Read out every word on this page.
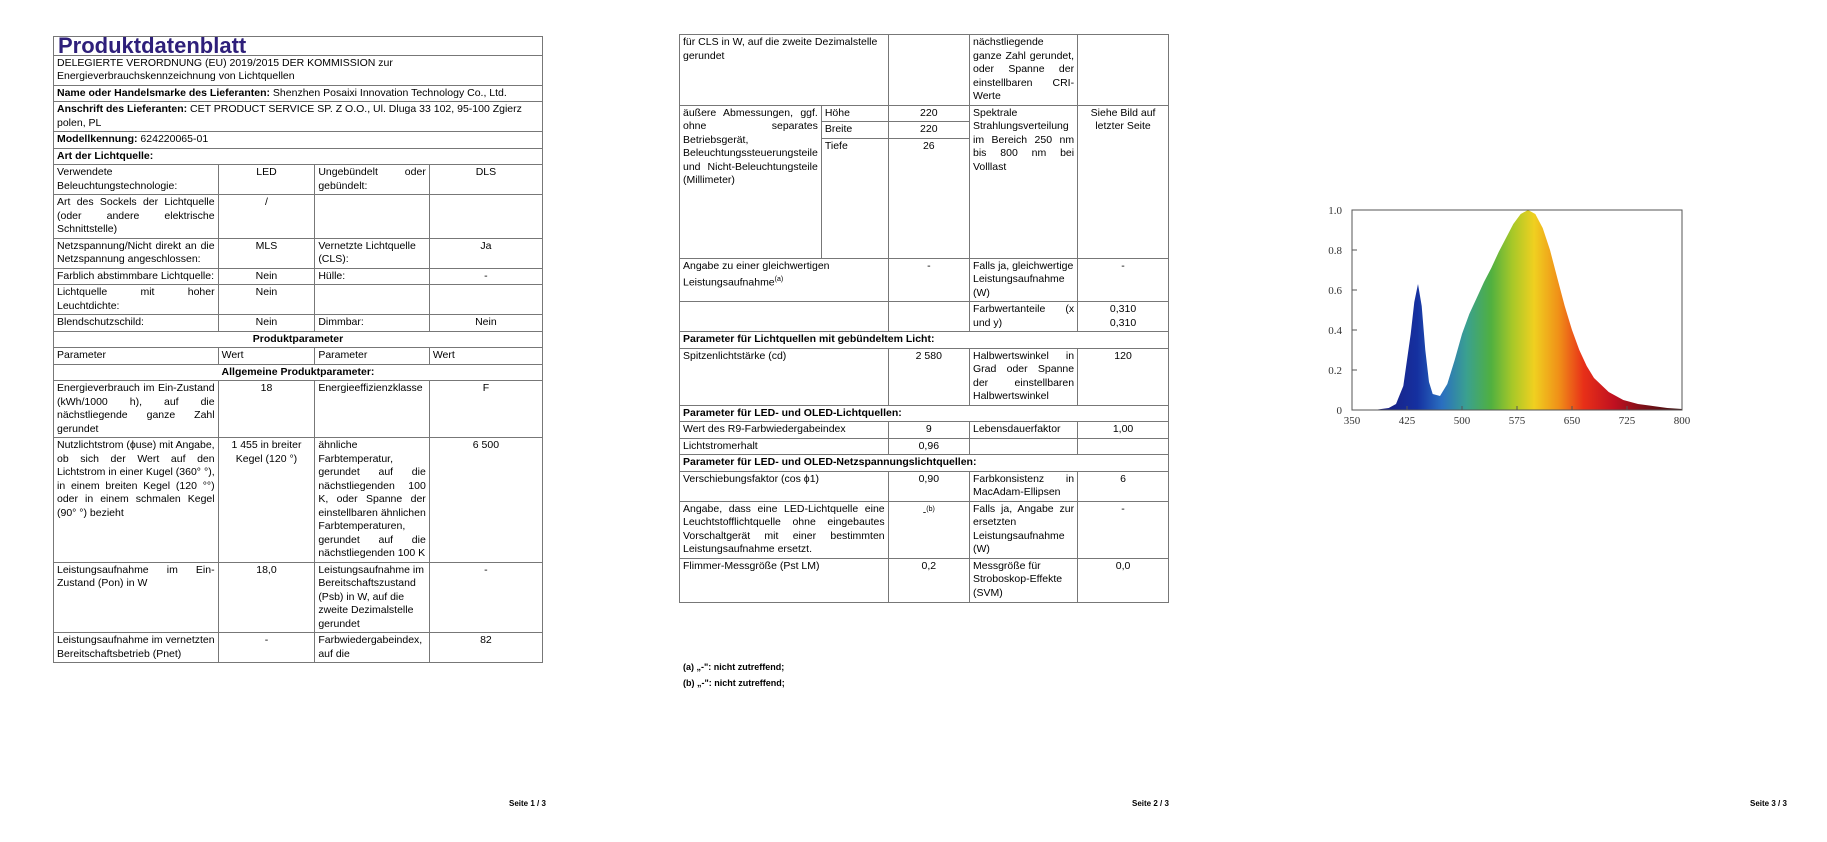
Produktdatenblatt			
DELEGIERTE VERORDNUNG (EU) 2019/2015 DER KOMMISSION zur
Energieverbrauchskennzeichnung von Lichtquellen			
Name oder Handelsmarke des Lieferanten: Shenzhen Posaixi Innovation Technology Co., Ltd.			
Anschrift des Lieferanten: CET PRODUCT SERVICE SP. Z O.O., Ul. Dluga 33 102, 95-100 Zgierz polen, PL			
Modellkennung: 624220065-01			
Art der Lichtquelle:			
Verwendete Beleuchtungstechnologie:	LED	Ungebündelt oder gebündelt:	DLS
Art des Sockels der Lichtquelle (oder andere elektrische Schnittstelle)	/		
Netzspannung/Nicht direkt an die Netzspannung angeschlossen:	MLS	Vernetzte Lichtquelle (CLS):	Ja
Farblich abstimmbare Lichtquelle:	Nein	Hülle:	-
Lichtquelle mit hoher Leuchtdichte:	Nein		
Blendschutzschild:	Nein	Dimmbar:	Nein
Produktparameter			
Parameter	Wert	Parameter	Wert
Allgemeine Produktparameter:			
Energieverbrauch im Ein-Zustand (kWh/1000 h), auf die nächstliegende ganze Zahl gerundet	18	Energieeffizienzklasse	F
Nutzlichtstrom (ϕuse) mit Angabe, ob sich der Wert auf den Lichtstrom in einer Kugel (360° °), in einem breiten Kegel (120 °°) oder in einem schmalen Kegel (90° °) bezieht	1 455 in breiter Kegel (120 °)	ähnliche Farbtemperatur, gerundet auf die nächstliegenden 100 K, oder Spanne der einstellbaren ähnlichen Farbtemperaturen, gerundet auf die nächstliegenden 100 K	6 500
Leistungsaufnahme im Ein-Zustand (Pon) in W	18,0	Leistungsaufnahme im Bereitschaftszustand (Psb) in W, auf die zweite Dezimalstelle gerundet	-
Leistungsaufnahme im vernetzten Bereitschaftsbetrieb (Pnet)	-	Farbwiedergabeindex, auf die	82
Seite 1 / 3
für CLS in W, auf die zweite Dezimalstelle gerundet			nächstliegende ganze Zahl gerundet, oder Spanne der einstellbaren CRI-Werte	
äußere Abmessungen, ggf. ohne separates Betriebsgerät, Beleuchtungssteuerungsteile und Nicht-Beleuchtungsteile (Millimeter)	Höhe	220	Spektrale Strahlungsverteilung im Bereich 250 nm bis 800 nm bei Volllast	Siehe Bild auf letzter Seite
	Breite	220		
	Tiefe	26		
Angabe zu einer gleichwertigen Leistungsaufnahme$^{(a)}$		-	Falls ja, gleichwertige Leistungsaufnahme (W)	-
			Farbwertanteile (x und y)	0,310
0,310
Parameter für Lichtquellen mit gebündeltem Licht:				
Spitzenlichtstärke (cd)		2 580	Halbwertswinkel in Grad oder Spanne der einstellbaren Halbwertswinkel	120
Parameter für LED- und OLED-Lichtquellen:				
Wert des R9-Farbwiedergabeindex		9	Lebensdauerfaktor	1,00
Lichtstromerhalt		0,96		
Parameter für LED- und OLED-Netzspannungslichtquellen:				
Verschiebungsfaktor (cos ϕ1)		0,90	Farbkonsistenz in MacAdam-Ellipsen	6
Angabe, dass eine LED-Lichtquelle eine Leuchtstofflichtquelle ohne eingebautes Vorschaltgerät mit einer bestimmten Leistungsaufnahme ersetzt.		-$^{(b)}$	Falls ja, Angabe zur ersetzten Leistungsaufnahme (W)	-
Flimmer-Messgröße (Pst LM)		0,2	Messgröße für Stroboskop-Effekte (SVM)	0,0
(a) „-": nicht zutreffend;
(b) „-": nicht zutreffend;
Seite 2 / 3
350	425	500	575	650	725	800
0
0.2
0.4
0.6
0.8
1.0
Seite 3 / 3
